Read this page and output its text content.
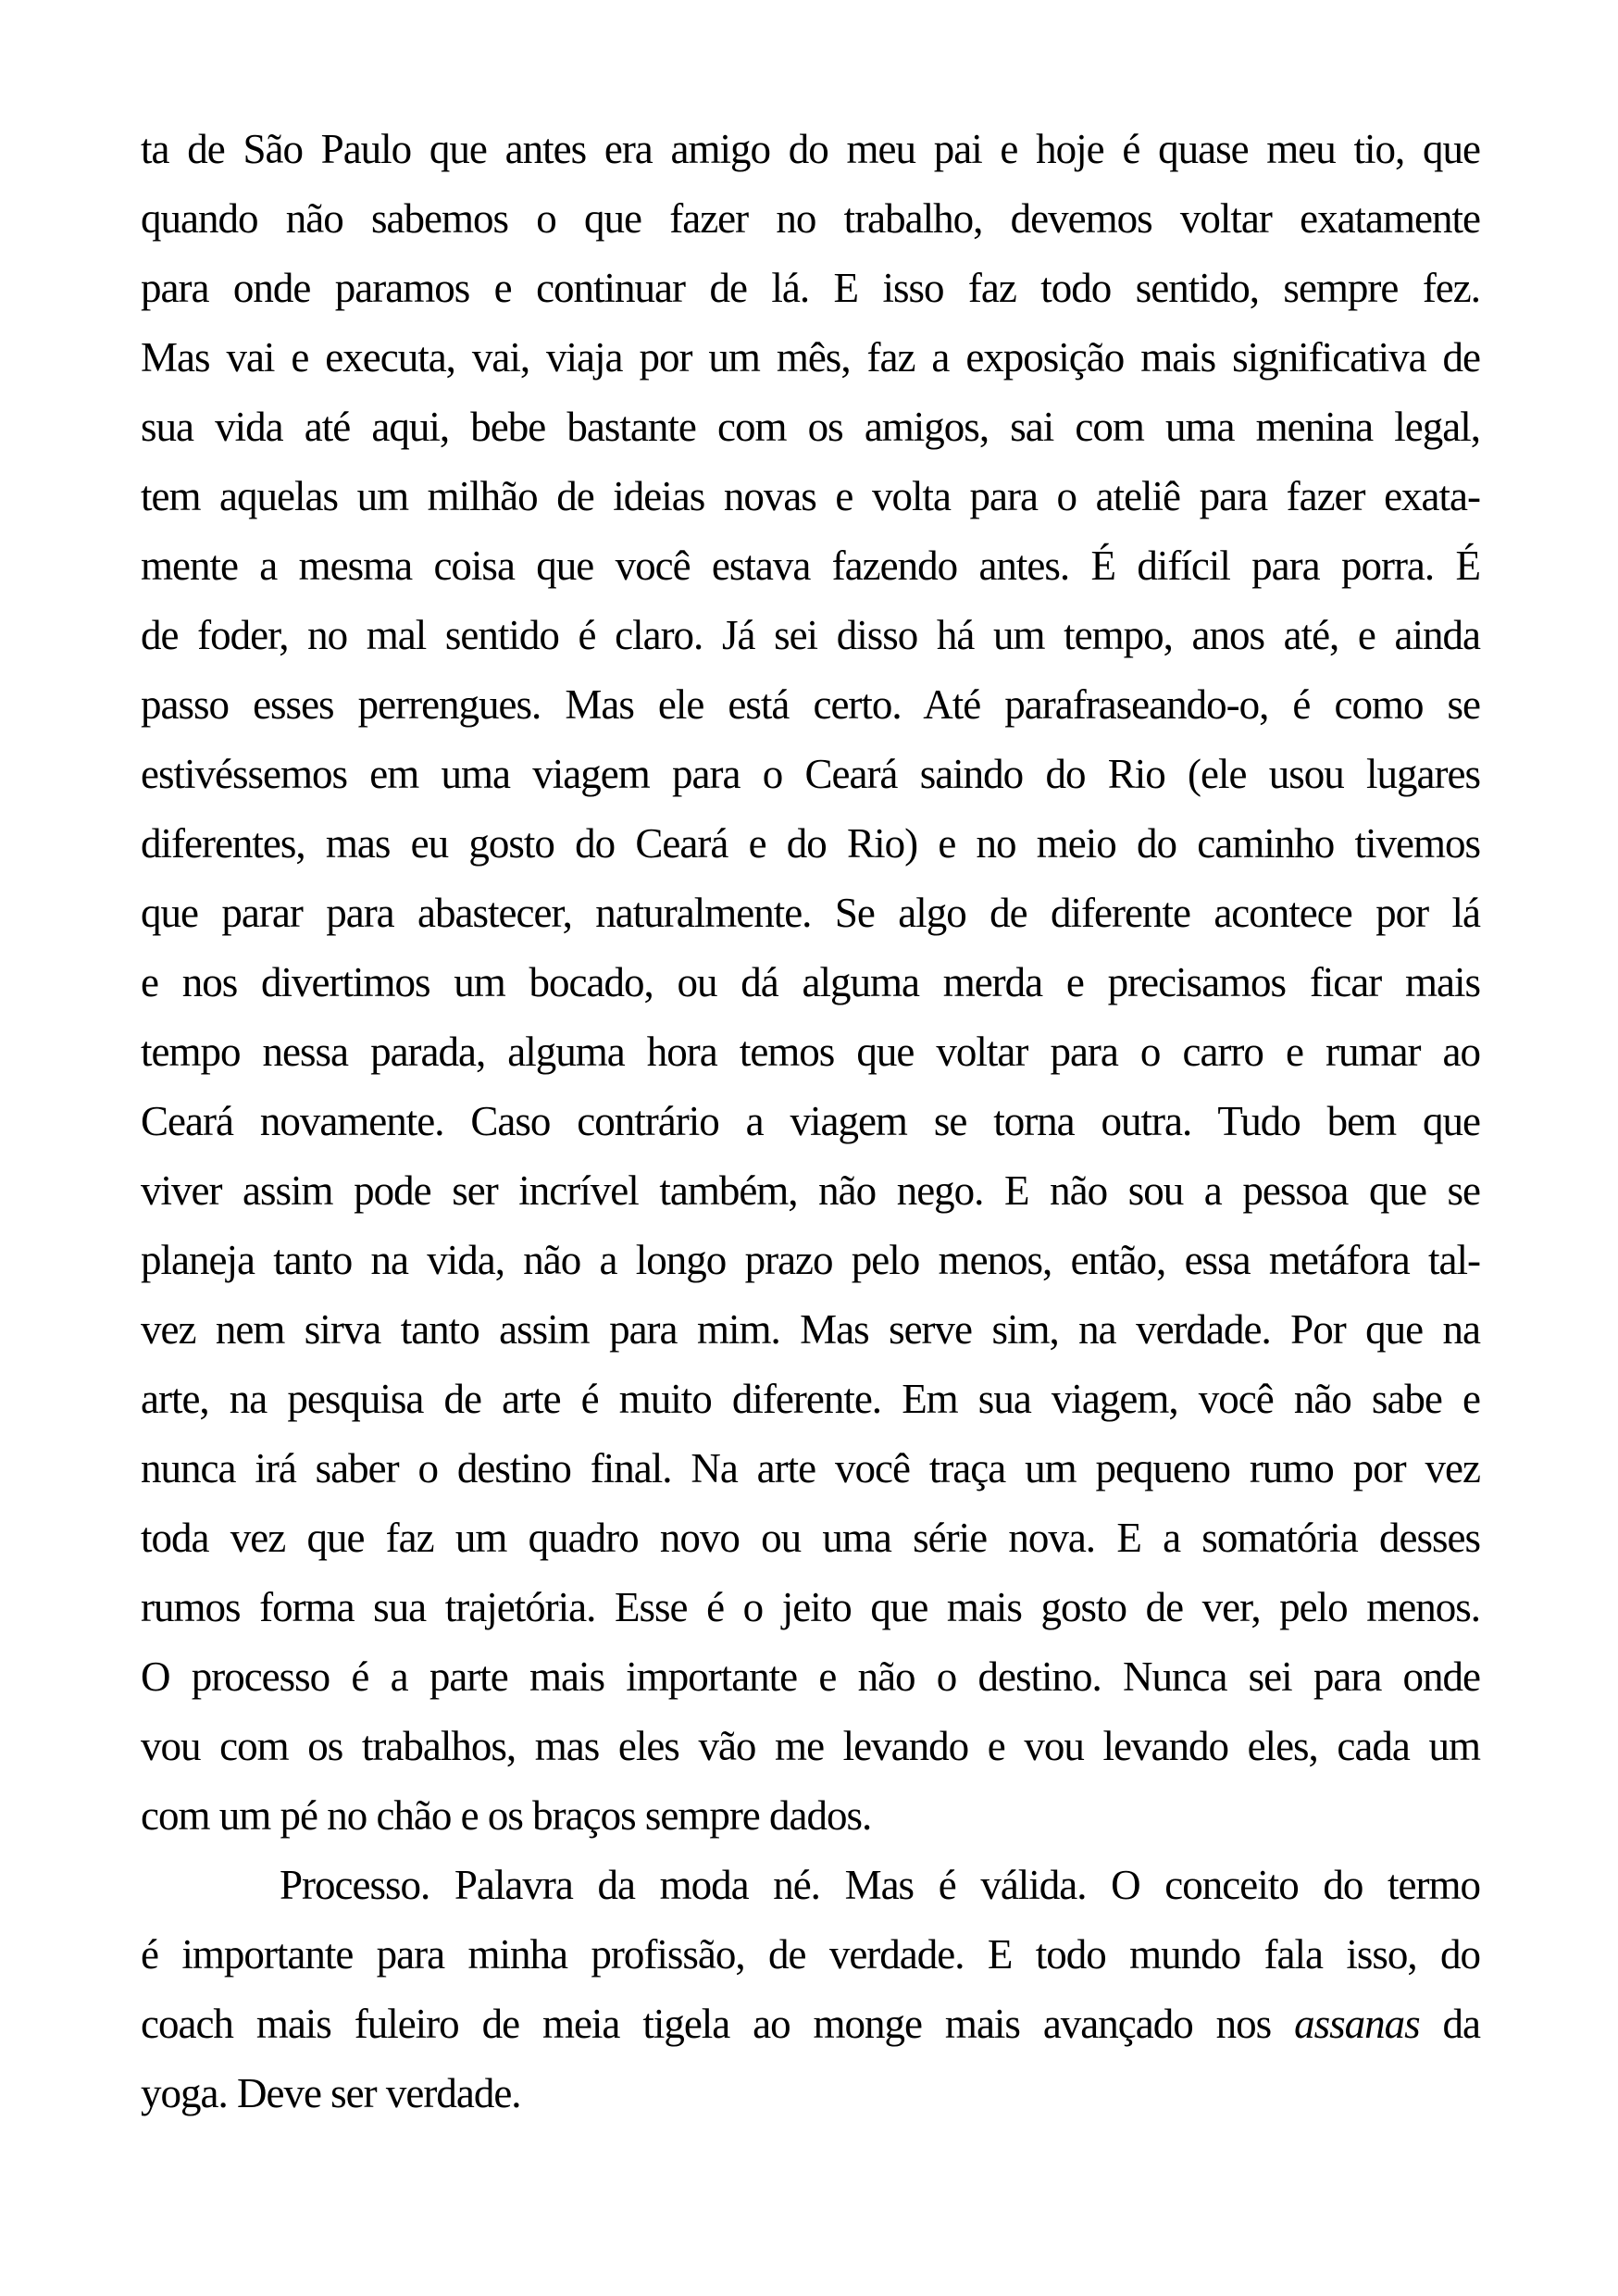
ta de São Paulo que antes era amigo do meu pai e hoje é quase meu tio, que
quando não sabemos o que fazer no trabalho, devemos voltar exatamente
para onde paramos e continuar de lá. E isso faz todo sentido, sempre fez.
Mas vai e executa, vai, viaja por um mês, faz a exposição mais significativa de
sua vida até aqui, bebe bastante com os amigos, sai com uma menina legal,
tem aquelas um milhão de ideias novas e volta para o ateliê para fazer exata-
mente a mesma coisa que você estava fazendo antes. É difícil para porra. É
de foder, no mal sentido é claro. Já sei disso há um tempo, anos até, e ainda
passo esses perrengues. Mas ele está certo. Até parafraseando-o, é como se
estivéssemos em uma viagem para o Ceará saindo do Rio (ele usou lugares
diferentes, mas eu gosto do Ceará e do Rio) e no meio do caminho tivemos
que parar para abastecer, naturalmente. Se algo de diferente acontece por lá
e nos divertimos um bocado, ou dá alguma merda e precisamos ficar mais
tempo nessa parada, alguma hora temos que voltar para o carro e rumar ao
Ceará novamente. Caso contrário a viagem se torna outra. Tudo bem que
viver assim pode ser incrível também, não nego. E não sou a pessoa que se
planeja tanto na vida, não a longo prazo pelo menos, então, essa metáfora tal-
vez nem sirva tanto assim para mim. Mas serve sim, na verdade. Por que na
arte, na pesquisa de arte é muito diferente. Em sua viagem, você não sabe e
nunca irá saber o destino final. Na arte você traça um pequeno rumo por vez
toda vez que faz um quadro novo ou uma série nova. E a somatória desses
rumos forma sua trajetória. Esse é o jeito que mais gosto de ver, pelo menos.
O processo é a parte mais importante e não o destino. Nunca sei para onde
vou com os trabalhos, mas eles vão me levando e vou levando eles, cada um
com um pé no chão e os braços sempre dados.
Processo. Palavra da moda né. Mas é válida. O conceito do termo
é importante para minha profissão, de verdade. E todo mundo fala isso, do
coach mais fuleiro de meia tigela ao monge mais avançado nos assanas da
yoga. Deve ser verdade.
